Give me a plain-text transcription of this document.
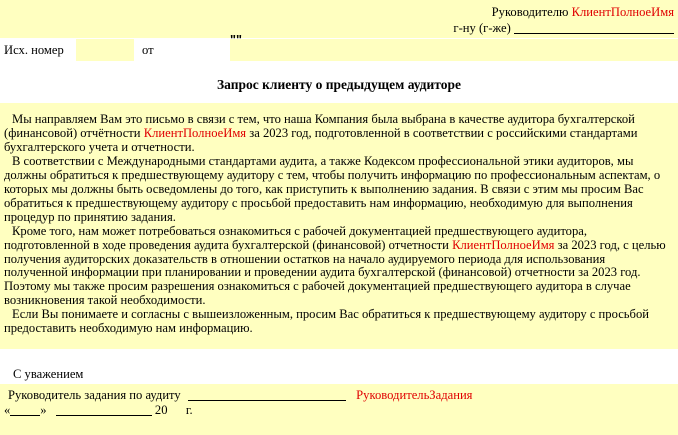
Руководителю КлиентПолноеИмя
г-ну (г-же)
Исх. номер	от
""
Запрос клиенту о предыдущем аудиторе

Мы направляем Вам это письмо в связи с тем, что наша Компания была выбрана в качестве аудитора бухгалтерской (финансовой) отчётности КлиентПолноеИмя за 2023 год, подготовленной в соответствии с российскими стандартами бухгалтерского учета и отчетности.

В соответствии с Международными стандартами аудита, а также Кодексом профессиональной этики аудиторов, мы должны обратиться к предшествующему аудитору с тем, чтобы получить информацию по профессиональным аспектам, о которых мы должны быть осведомлены до того, как приступить к выполнению задания. В связи с этим мы просим Вас обратиться к предшествующему аудитору с просьбой предоставить нам информацию, необходимую для выполнения процедур по принятию задания.

Кроме того, нам может потребоваться ознакомиться с рабочей документацией предшествующего аудитора, подготовленной в ходе проведения аудита бухгалтерской (финансовой) отчетности КлиентПолноеИмя за 2023 год, с целью получения аудиторских доказательств в отношении остатков на начало аудируемого периода для использования полученной информации при планировании и проведении аудита бухгалтерской (финансовой) отчетности за 2023 год. Поэтому мы также просим разрешения ознакомиться с рабочей документацией предшествующего аудитора в случае возникновения такой необходимости.

Если Вы понимаете и согласны с вышеизложенным, просим Вас обратиться к предшествующему аудитору с просьбой предоставить необходимую нам информацию.

С уважением
Руководитель задания по аудиту	РуководительЗадания
« »	20 г.
